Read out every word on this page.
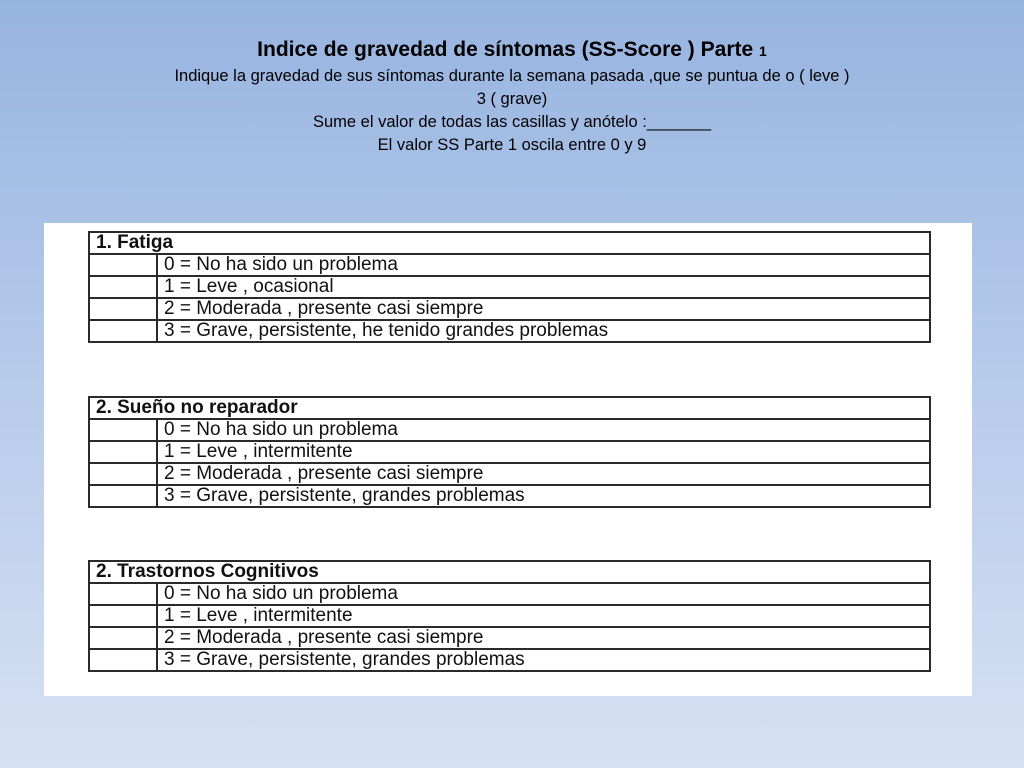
Indice de gravedad de síntomas (SS-Score ) Parte 1
Indique la gravedad de sus síntomas durante la semana pasada ,que se puntua de o ( leve )
3 ( grave)
Sume el valor de todas las casillas y anótelo :_______
El valor SS Parte 1 oscila entre 0 y 9
1. Fatiga	
	0 = No ha sido un problema
	1 = Leve , ocasional
	2 = Moderada , presente casi siempre
	3 = Grave, persistente, he tenido grandes problemas
2. Sueño no reparador	
	0 = No ha sido un problema
	1 = Leve , intermitente
	2 = Moderada , presente casi siempre
	3 = Grave, persistente, grandes problemas
2. Trastornos Cognitivos	
	0 = No ha sido un problema
	1 = Leve , intermitente
	2 = Moderada , presente casi siempre
	3 = Grave, persistente, grandes problemas
